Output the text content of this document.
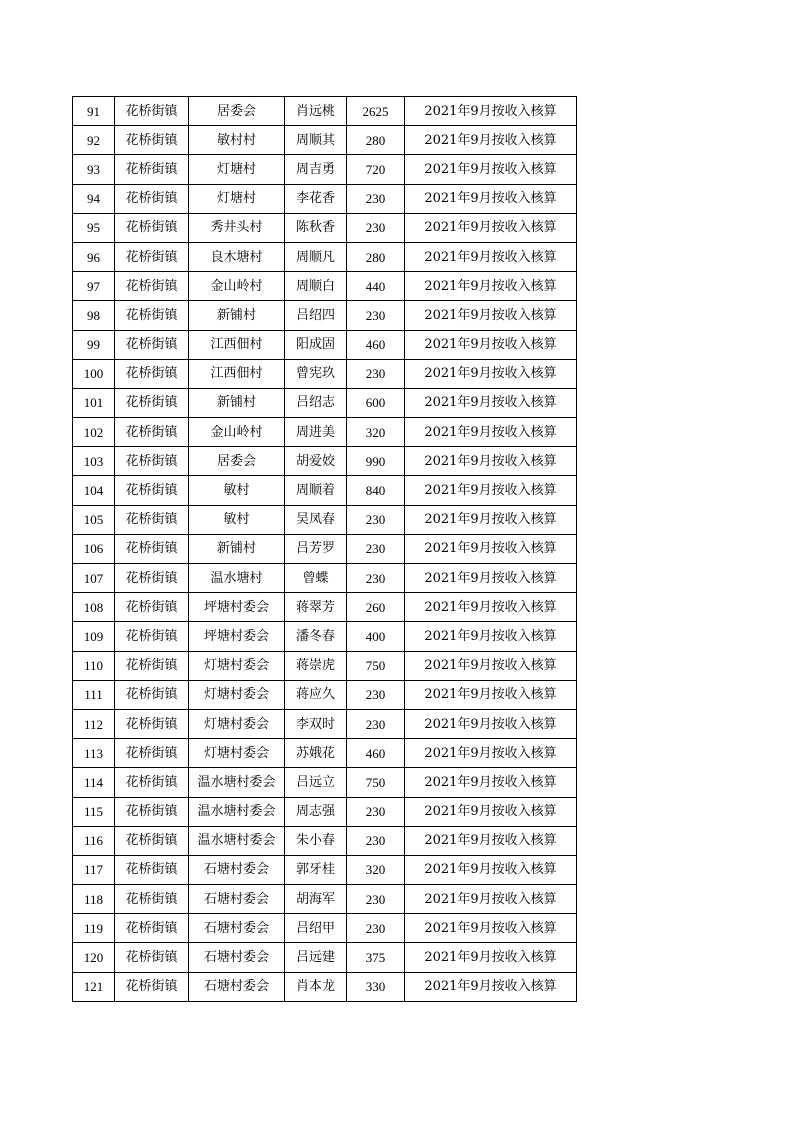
91	花桥街镇	居委会	肖远桃	2625	2021年9月按收入核算
92	花桥街镇	敏村村	周顺其	280	2021年9月按收入核算
93	花桥街镇	灯塘村	周吉勇	720	2021年9月按收入核算
94	花桥街镇	灯塘村	李花香	230	2021年9月按收入核算
95	花桥街镇	秀井头村	陈秋香	230	2021年9月按收入核算
96	花桥街镇	良木塘村	周顺凡	280	2021年9月按收入核算
97	花桥街镇	金山岭村	周顺白	440	2021年9月按收入核算
98	花桥街镇	新铺村	吕绍四	230	2021年9月按收入核算
99	花桥街镇	江西佃村	阳成固	460	2021年9月按收入核算
100	花桥街镇	江西佃村	曾宪玖	230	2021年9月按收入核算
101	花桥街镇	新铺村	吕绍志	600	2021年9月按收入核算
102	花桥街镇	金山岭村	周进美	320	2021年9月按收入核算
103	花桥街镇	居委会	胡爱姣	990	2021年9月按收入核算
104	花桥街镇	敏村	周顺着	840	2021年9月按收入核算
105	花桥街镇	敏村	吴凤春	230	2021年9月按收入核算
106	花桥街镇	新铺村	吕芳罗	230	2021年9月按收入核算
107	花桥街镇	温水塘村	曾蝶	230	2021年9月按收入核算
108	花桥街镇	坪塘村委会	蒋翠芳	260	2021年9月按收入核算
109	花桥街镇	坪塘村委会	潘冬春	400	2021年9月按收入核算
110	花桥街镇	灯塘村委会	蒋崇虎	750	2021年9月按收入核算
111	花桥街镇	灯塘村委会	蒋应久	230	2021年9月按收入核算
112	花桥街镇	灯塘村委会	李双时	230	2021年9月按收入核算
113	花桥街镇	灯塘村委会	苏娥花	460	2021年9月按收入核算
114	花桥街镇	温水塘村委会	吕远立	750	2021年9月按收入核算
115	花桥街镇	温水塘村委会	周志强	230	2021年9月按收入核算
116	花桥街镇	温水塘村委会	朱小春	230	2021年9月按收入核算
117	花桥街镇	石塘村委会	郭牙桂	320	2021年9月按收入核算
118	花桥街镇	石塘村委会	胡海军	230	2021年9月按收入核算
119	花桥街镇	石塘村委会	吕绍甲	230	2021年9月按收入核算
120	花桥街镇	石塘村委会	吕远建	375	2021年9月按收入核算
121	花桥街镇	石塘村委会	肖本龙	330	2021年9月按收入核算
